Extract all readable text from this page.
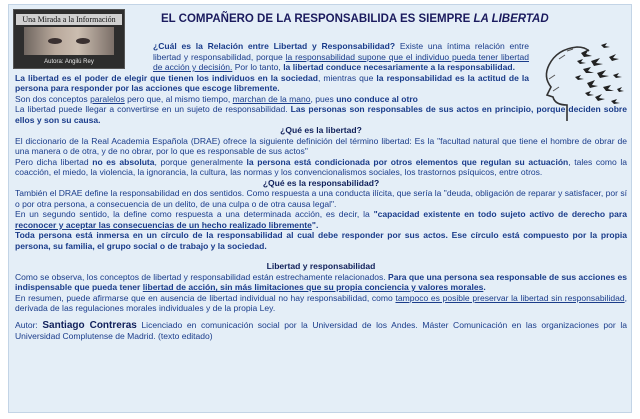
Una Mirada a la Información
Autora: Angilú Rey
EL COMPAÑERO DE LA RESPONSABILIDA ES SIEMPRE LA LIBERTAD

¿Cuál es la Relación entre Libertad y Responsabilidad? Existe una íntima relación entre libertad y responsabilidad, porque la responsabilidad supone que el individuo pueda tener libertad de acción y decisión. Por lo tanto, la libertad conduce necesariamente a la responsabilidad.

La libertad es el poder de elegir que tienen los individuos en la sociedad, mientras que la responsabilidad es la actitud de la persona para responder por las acciones que escoge libremente.

Son dos conceptos paralelos pero que, al mismo tiempo, marchan de la mano, pues uno conduce al otro

La libertad puede llegar a convertirse en un sujeto de responsabilidad. Las personas son responsables de sus actos en principio, porque deciden sobre ellos y son su causa.

¿Qué es la libertad?

El diccionario de la Real Academia Española (DRAE) ofrece la siguiente definición del término libertad: Es la "facultad natural que tiene el hombre de obrar de una manera o de otra, y de no obrar, por lo que es responsable de sus actos"

Pero dicha libertad no es absoluta, porque generalmente la persona está condicionada por otros elementos que regulan su actuación, tales como la coacción, el miedo, la violencia, la ignorancia, la cultura, las normas y los convencionalismos sociales, los trastornos psíquicos, entre otros.

¿Qué es la responsabilidad?

También el DRAE define la responsabilidad en dos sentidos. Como respuesta a una conducta ilícita, que sería la "deuda, obligación de reparar y satisfacer, por sí o por otra persona, a consecuencia de un delito, de una culpa o de otra causa legal".

En un segundo sentido, la define como respuesta a una determinada acción, es decir, la "capacidad existente en todo sujeto activo de derecho para reconocer y aceptar las consecuencias de un hecho realizado libremente".

Toda persona está inmersa en un círculo de la responsabilidad al cual debe responder por sus actos. Ese círculo está compuesto por la propia persona, su familia, el grupo social o de trabajo y la sociedad.

Libertad y responsabilidad

Como se observa, los conceptos de libertad y responsabilidad están estrechamente relacionados. Para que una persona sea responsable de sus acciones es indispensable que pueda tener libertad de acción, sin más limitaciones que su propia conciencia y valores morales.

En resumen, puede afirmarse que en ausencia de libertad individual no hay responsabilidad, como tampoco es posible preservar la libertad sin responsabilidad, derivada de las regulaciones morales individuales y de la propia Ley.

Autor: Santiago Contreras Licenciado en comunicación social por la Universidad de los Andes. Máster Comunicación en las organizaciones por la Universidad Complutense de Madrid. (texto editado)
